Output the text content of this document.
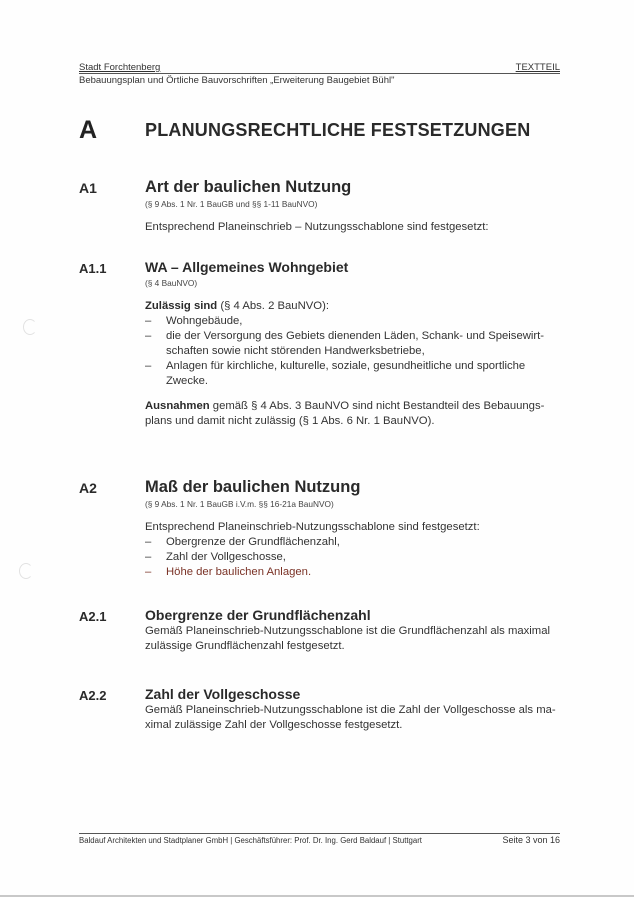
Stadt Forchtenberg	TEXTTEIL
Bebauungsplan und Örtliche Bauvorschriften „Erweiterung Baugebiet Bühl"
A	PLANUNGSRECHTLICHE FESTSETZUNGEN
A1	Art der baulichen Nutzung
(§ 9 Abs. 1 Nr. 1 BauGB und §§ 1-11 BauNVO)
Entsprechend Planeinschrieb – Nutzungsschablone sind festgesetzt:
A1.1	WA – Allgemeines Wohngebiet
(§ 4 BauNVO)
Zulässig sind (§ 4 Abs. 2 BauNVO):
– Wohngebäude,
– die der Versorgung des Gebiets dienenden Läden, Schank- und Speisewirt-schaften sowie nicht störenden Handwerksbetriebe,
– Anlagen für kirchliche, kulturelle, soziale, gesundheitliche und sportliche Zwecke.
Ausnahmen gemäß § 4 Abs. 3 BauNVO sind nicht Bestandteil des Bebauungs-plans und damit nicht zulässig (§ 1 Abs. 6 Nr. 1 BauNVO).
A2	Maß der baulichen Nutzung
(§ 9 Abs. 1 Nr. 1 BauGB i.V.m. §§ 16-21a BauNVO)
Entsprechend Planeinschrieb-Nutzungsschablone sind festgesetzt:
– Obergrenze der Grundflächenzahl,
– Zahl der Vollgeschosse,
– Höhe der baulichen Anlagen.
A2.1	Obergrenze der Grundflächenzahl
Gemäß Planeinschrieb-Nutzungsschablone ist die Grundflächenzahl als maximal zulässige Grundflächenzahl festgesetzt.
A2.2	Zahl der Vollgeschosse
Gemäß Planeinschrieb-Nutzungsschablone ist die Zahl der Vollgeschosse als ma-ximal zulässige Zahl der Vollgeschosse festgesetzt.
Baldauf Architekten und Stadtplaner GmbH | Geschäftsführer: Prof. Dr. Ing. Gerd Baldauf | Stuttgart	Seite 3 von 16
